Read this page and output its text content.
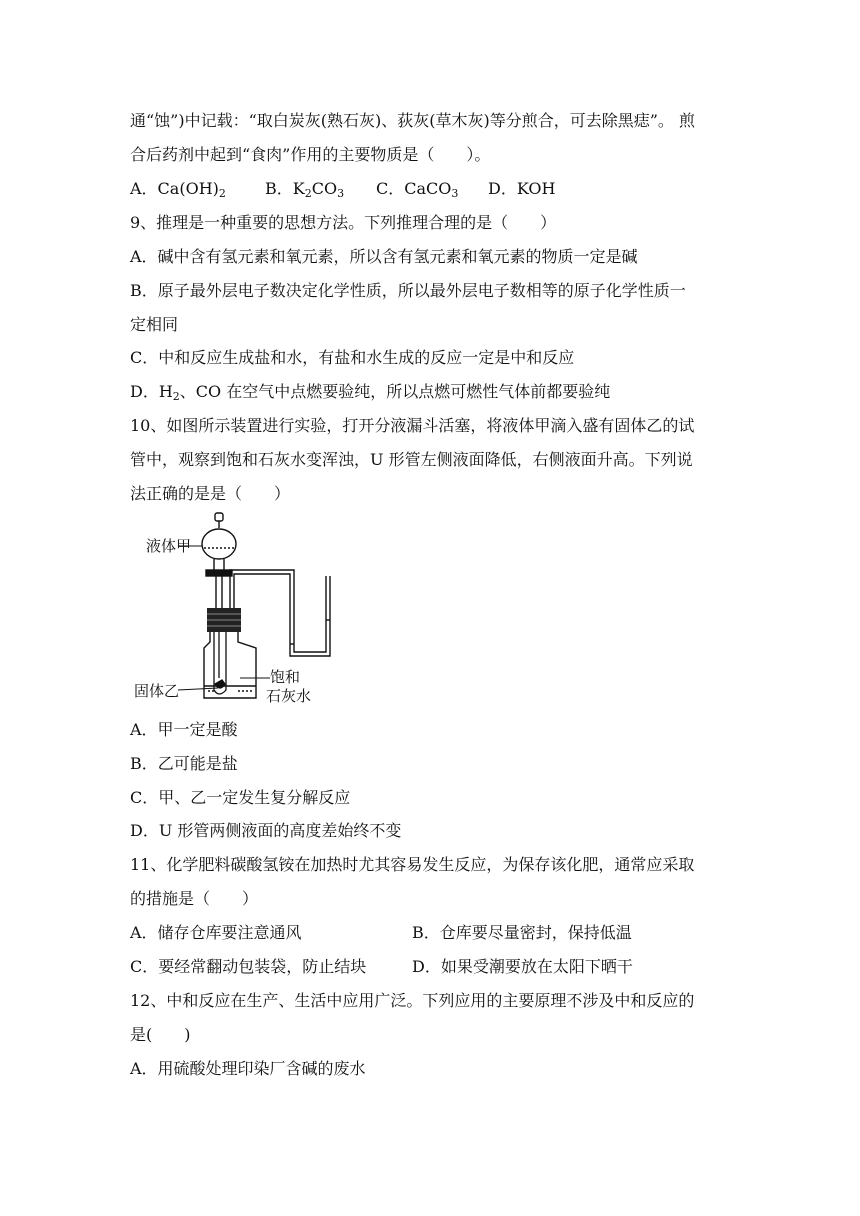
通“蚀”)中记载：“取白炭灰(熟石灰)、荻灰(草木灰)等分煎合，可去除黑痣”。 煎
合后药剂中起到“食肉”作用的主要物质是（　　）。
A．$Ca(OH)_2$ B．$K_2CO_3$ C．CaCO$_3$ D．KOH
9、推理是一种重要的思想方法。下列推理合理的是（　　）
A．碱中含有氢元素和氧元素，所以含有氢元素和氧元素的物质一定是碱
B．原子最外层电子数决定化学性质，所以最外层电子数相等的原子化学性质一
定相同
C．中和反应生成盐和水，有盐和水生成的反应一定是中和反应
D．$H_2$、CO 在空气中点燃要验纯，所以点燃可燃性气体前都要验纯
10、如图所示装置进行实验，打开分液漏斗活塞，将液体甲滴入盛有固体乙的试
管中，观察到饱和石灰水变浑浊，U 形管左侧液面降低，右侧液面升高。下列说
法正确的是是（　　）
液体甲
固体乙
饱和
石灰水
A．甲一定是酸
B．乙可能是盐
C．甲、乙一定发生复分解反应
D．U 形管两侧液面的高度差始终不变
11、化学肥料碳酸氢铵在加热时尤其容易发生反应，为保存该化肥，通常应采取
的措施是（　　）
A．储存仓库要注意通风	B．仓库要尽量密封，保持低温
C．要经常翻动包装袋，防止结块	D．如果受潮要放在太阳下晒干
12、中和反应在生产、生活中应用广泛。下列应用的主要原理不涉及中和反应的
是(　　)
A．用硫酸处理印染厂含碱的废水
